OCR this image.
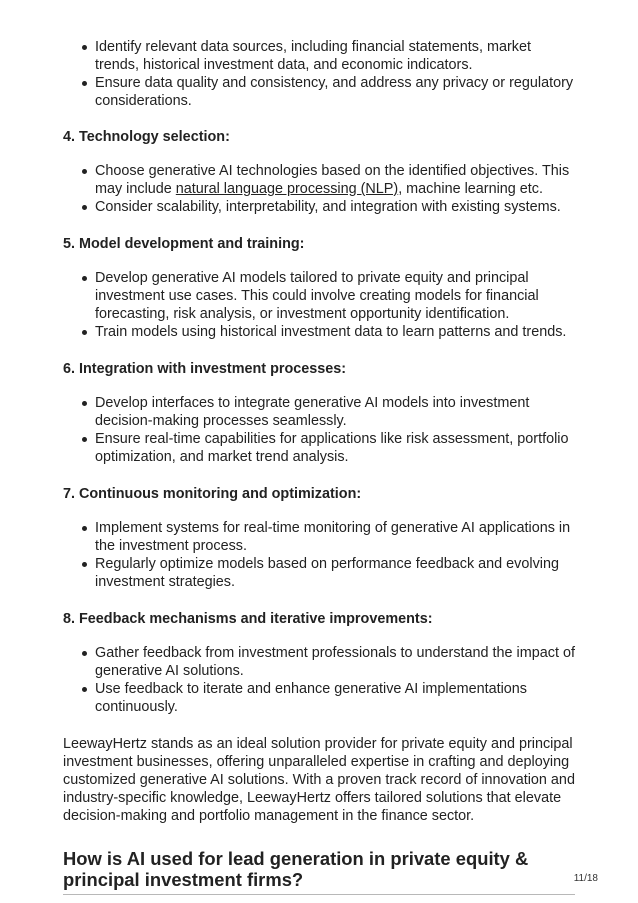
Identify relevant data sources, including financial statements, market trends, historical investment data, and economic indicators.
Ensure data quality and consistency, and address any privacy or regulatory considerations.
4. Technology selection:
Choose generative AI technologies based on the identified objectives. This may include natural language processing (NLP), machine learning etc.
Consider scalability, interpretability, and integration with existing systems.
5. Model development and training:
Develop generative AI models tailored to private equity and principal investment use cases. This could involve creating models for financial forecasting, risk analysis, or investment opportunity identification.
Train models using historical investment data to learn patterns and trends.
6. Integration with investment processes:
Develop interfaces to integrate generative AI models into investment decision-making processes seamlessly.
Ensure real-time capabilities for applications like risk assessment, portfolio optimization, and market trend analysis.
7. Continuous monitoring and optimization:
Implement systems for real-time monitoring of generative AI applications in the investment process.
Regularly optimize models based on performance feedback and evolving investment strategies.
8. Feedback mechanisms and iterative improvements:
Gather feedback from investment professionals to understand the impact of generative AI solutions.
Use feedback to iterate and enhance generative AI implementations continuously.

LeewayHertz stands as an ideal solution provider for private equity and principal investment businesses, offering unparalleled expertise in crafting and deploying customized generative AI solutions. With a proven track record of innovation and industry-specific knowledge, LeewayHertz offers tailored solutions that elevate decision-making and portfolio management in the finance sector.

How is AI used for lead generation in private equity & principal investment firms?	11/18
